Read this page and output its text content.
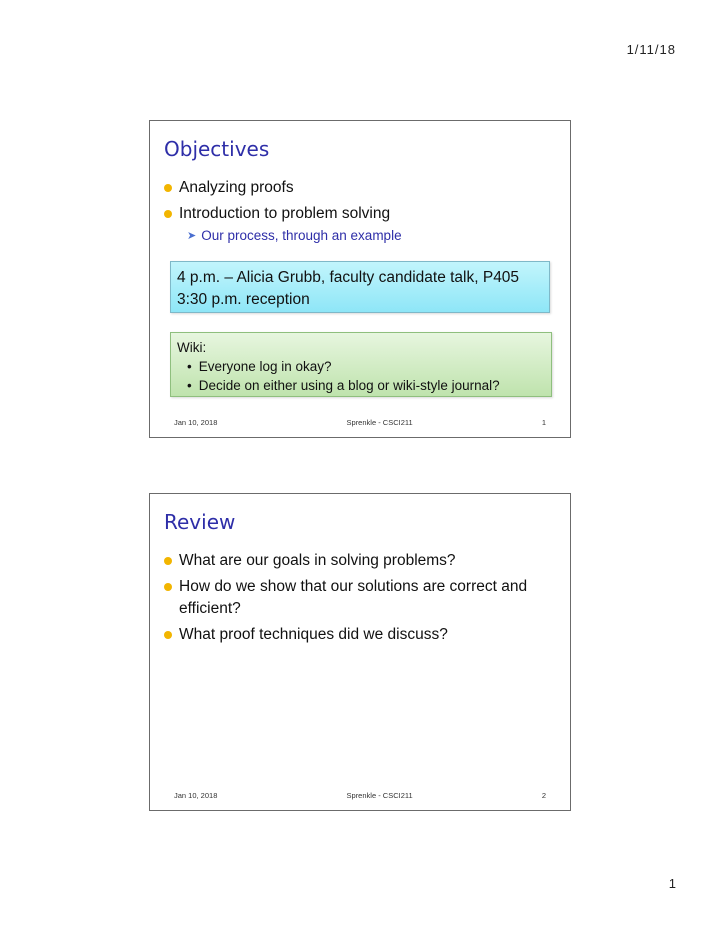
1/11/18
Objectives
Analyzing proofs
Introduction to problem solving
➤ Our process, through an example
4 p.m. – Alicia Grubb, faculty candidate talk, P405
3:30 p.m. reception
Wiki:
• Everyone log in okay?
• Decide on either using a blog or wiki-style journal?
Jan 10, 2018	Sprenkle - CSCI211	1
Review
What are our goals in solving problems?
How do we show that our solutions are correct and efficient?
What proof techniques did we discuss?
Jan 10, 2018	Sprenkle - CSCI211	2
1
